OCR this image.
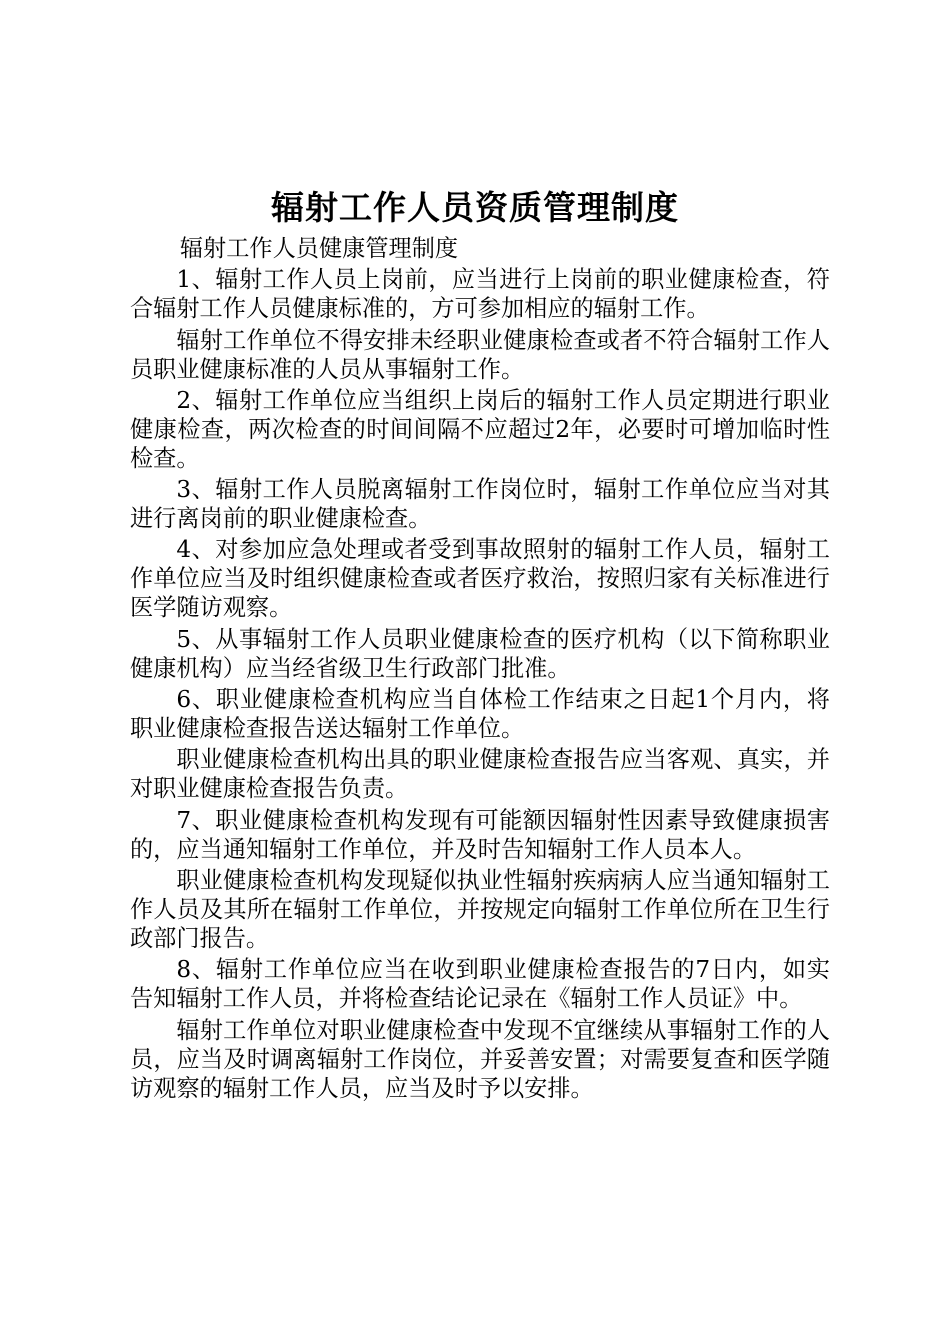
辐射工作人员资质管理制度

辐射工作人员健康管理制度

1、辐射工作人员上岗前，应当进行上岗前的职业健康检查，符合辐射工作人员健康标准的，方可参加相应的辐射工作。

辐射工作单位不得安排未经职业健康检查或者不符合辐射工作人员职业健康标准的人员从事辐射工作。

2、辐射工作单位应当组织上岗后的辐射工作人员定期进行职业健康检查，两次检查的时间间隔不应超过2年，必要时可增加临时性检查。

3、辐射工作人员脱离辐射工作岗位时，辐射工作单位应当对其进行离岗前的职业健康检查。

4、对参加应急处理或者受到事故照射的辐射工作人员，辐射工作单位应当及时组织健康检查或者医疗救治，按照归家有关标准进行医学随访观察。

5、从事辐射工作人员职业健康检查的医疗机构（以下简称职业健康机构）应当经省级卫生行政部门批准。

6、职业健康检查机构应当自体检工作结束之日起1个月内，将职业健康检查报告送达辐射工作单位。

职业健康检查机构出具的职业健康检查报告应当客观、真实，并对职业健康检查报告负责。

7、职业健康检查机构发现有可能额因辐射性因素导致健康损害的，应当通知辐射工作单位，并及时告知辐射工作人员本人。

职业健康检查机构发现疑似执业性辐射疾病病人应当通知辐射工作人员及其所在辐射工作单位，并按规定向辐射工作单位所在卫生行政部门报告。

8、辐射工作单位应当在收到职业健康检查报告的7日内，如实告知辐射工作人员，并将检查结论记录在《辐射工作人员证》中。

辐射工作单位对职业健康检查中发现不宜继续从事辐射工作的人员，应当及时调离辐射工作岗位，并妥善安置；对需要复查和医学随访观察的辐射工作人员，应当及时予以安排。
